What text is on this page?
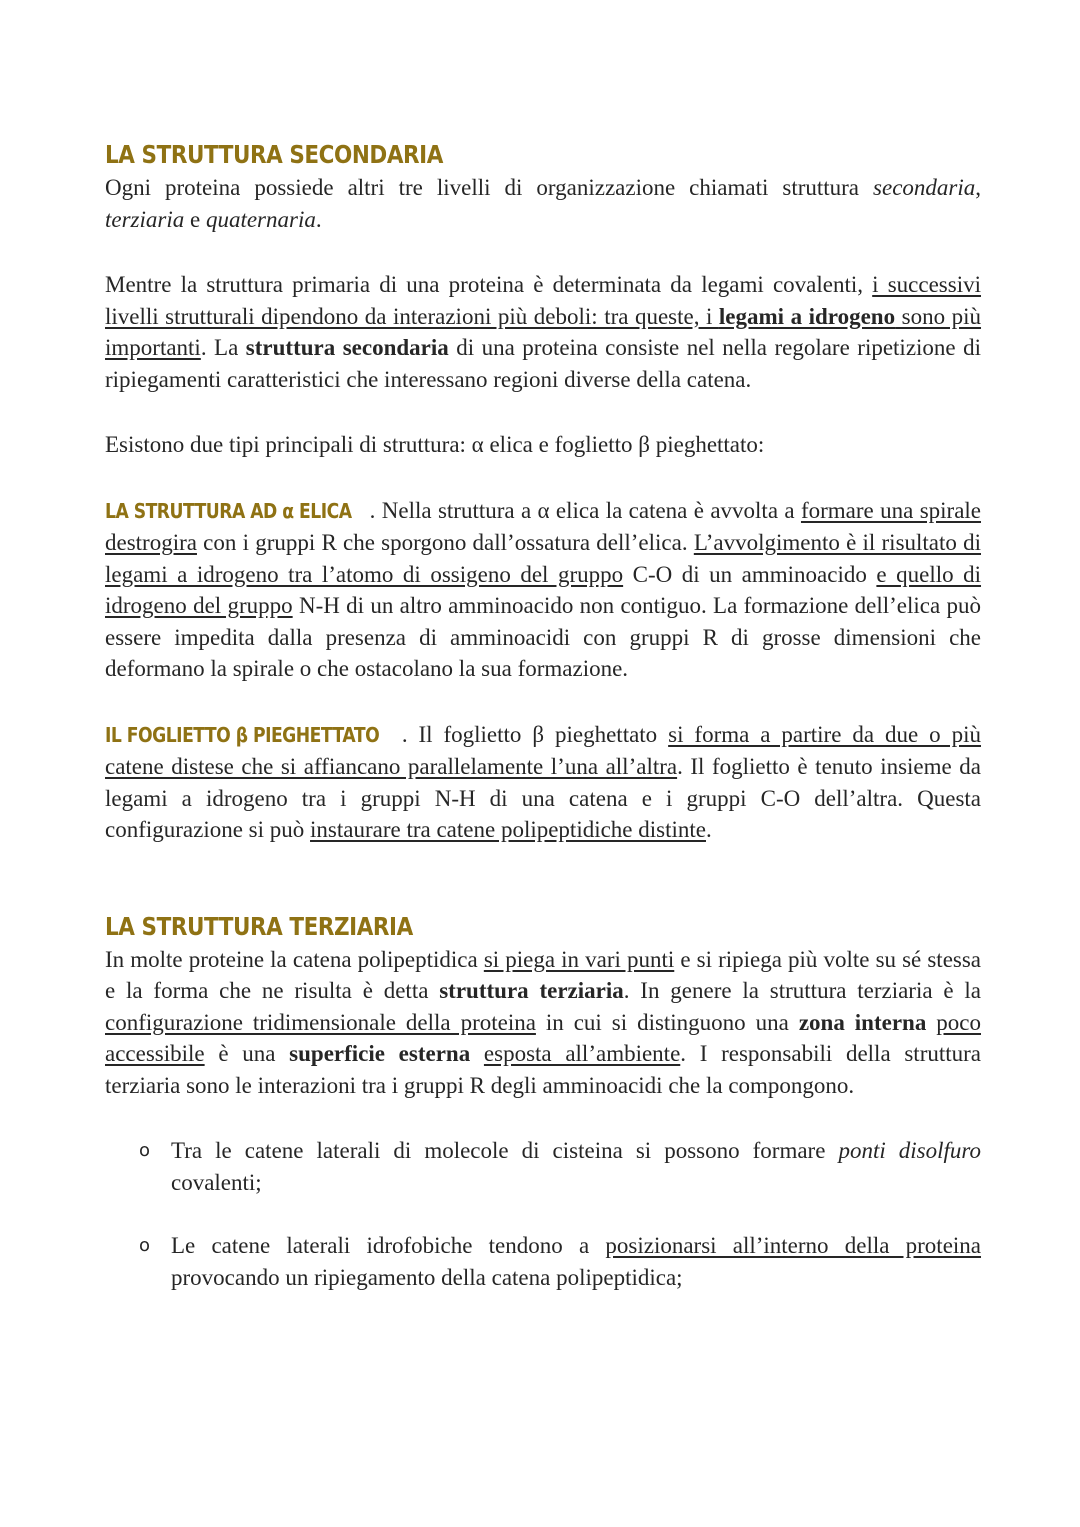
LA STRUTTURA SECONDARIA

Ogni proteina possiede altri tre livelli di organizzazione chiamati struttura secondaria, terziaria e quaternaria.

Mentre la struttura primaria di una proteina è determinata da legami covalenti, i successivi livelli strutturali dipendono da interazioni più deboli: tra queste, i legami a idrogeno sono più importanti. La struttura secondaria di una proteina consiste nel nella regolare ripetizione di ripiegamenti caratteristici che interessano regioni diverse della catena.

Esistono due tipi principali di struttura: α elica e foglietto β pieghettato:

LA STRUTTURA AD α ELICA . Nella struttura a α elica la catena è avvolta a formare una spirale destrogira con i gruppi R che sporgono dall’ossatura dell’elica. L’avvolgimento è il risultato di legami a idrogeno tra l’atomo di ossigeno del gruppo C-O di un amminoacido e quello di idrogeno del gruppo N-H di un altro amminoacido non contiguo. La formazione dell’elica può essere impedita dalla presenza di amminoacidi con gruppi R di grosse dimensioni che deformano la spirale o che ostacolano la sua formazione.

IL FOGLIETTO β PIEGHETTATO . Il foglietto β pieghettato si forma a partire da due o più catene distese che si affiancano parallelamente l’una all’altra. Il foglietto è tenuto insieme da legami a idrogeno tra i gruppi N-H di una catena e i gruppi C-O dell’altra. Questa configurazione si può instaurare tra catene polipeptidiche distinte.

LA STRUTTURA TERZIARIA

In molte proteine la catena polipeptidica si piega in vari punti e si ripiega più volte su sé stessa e la forma che ne risulta è detta struttura terziaria. In genere la struttura terziaria è la configurazione tridimensionale della proteina in cui si distinguono una zona interna poco accessibile è una superficie esterna esposta all’ambiente. I responsabili della struttura terziaria sono le interazioni tra i gruppi R degli amminoacidi che la compongono.

o Tra le catene laterali di molecole di cisteina si possono formare ponti disolfuro covalenti;
o Le catene laterali idrofobiche tendono a posizionarsi all’interno della proteina provocando un ripiegamento della catena polipeptidica;
